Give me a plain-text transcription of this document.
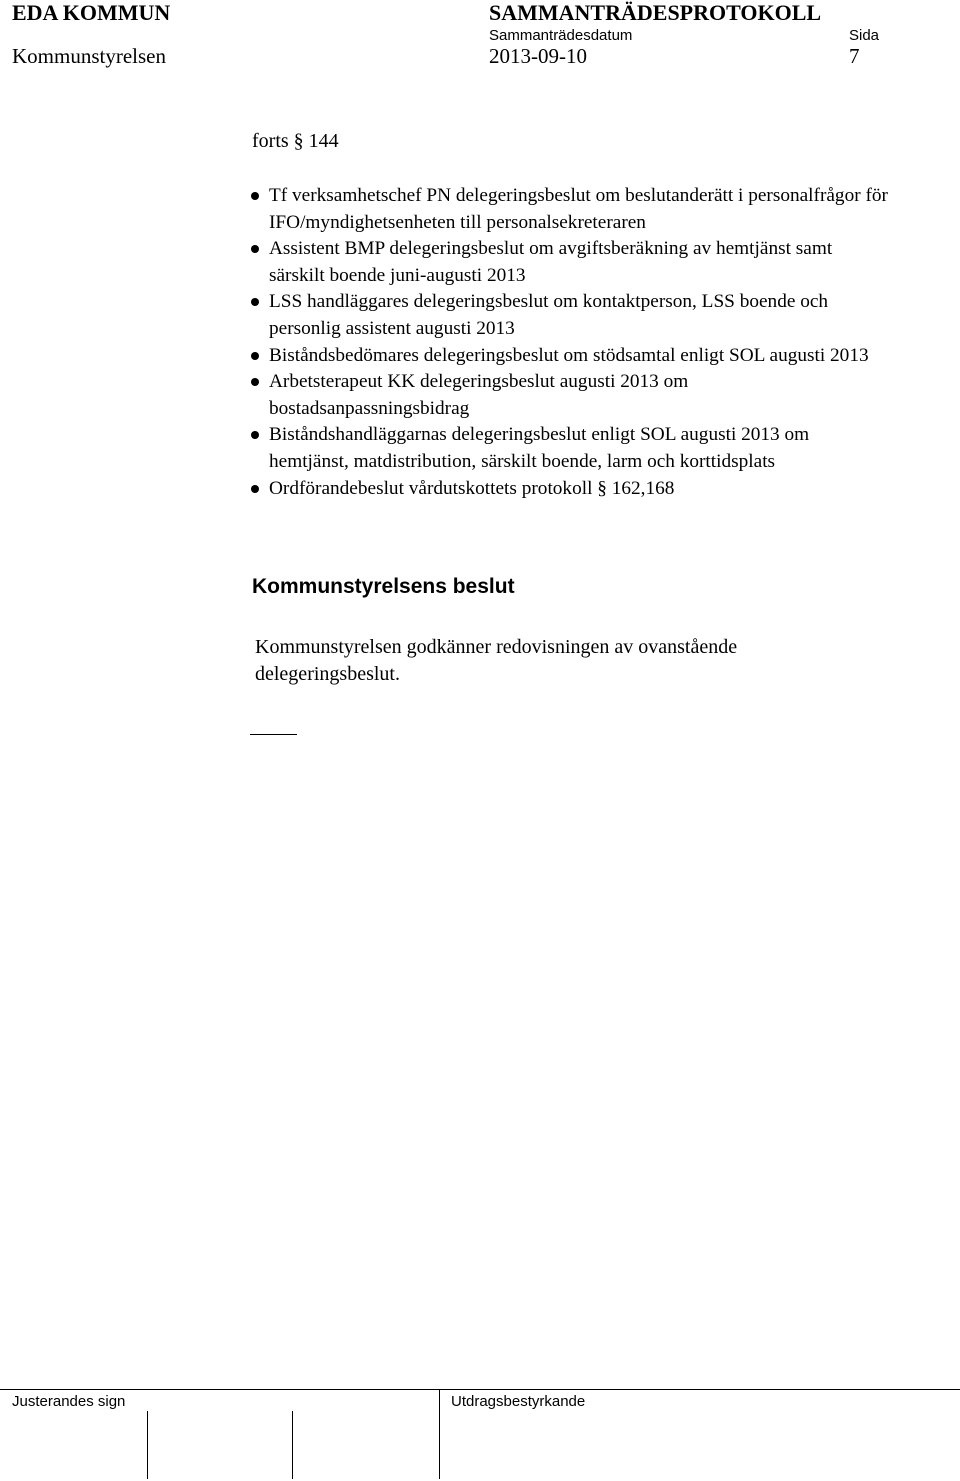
EDA KOMMUN	SAMMANTRÄDESPROTOKOLL
Sammanträdesdatum	Sida
Kommunstyrelsen	2013-09-10	7
forts § 144
Tf verksamhetschef PN delegeringsbeslut om beslutanderätt i personalfrågor för IFO/myndighetsenheten till personalsekreteraren
Assistent BMP delegeringsbeslut om avgiftsberäkning av hemtjänst samt särskilt boende juni-augusti 2013
LSS handläggares delegeringsbeslut om kontaktperson, LSS boende och personlig assistent augusti 2013
Biståndsbedömares delegeringsbeslut om stödsamtal enligt SOL augusti 2013
Arbetsterapeut KK delegeringsbeslut augusti 2013 om bostadsanpassningsbidrag
Biståndshandläggarnas delegeringsbeslut enligt SOL augusti 2013 om hemtjänst, matdistribution, särskilt boende, larm och korttidsplats
Ordförandebeslut vårdutskottets protokoll § 162,168
Kommunstyrelsens beslut

Kommunstyrelsen godkänner redovisningen av ovanstående delegeringsbeslut.

Justerandes sign	Utdragsbestyrkande
